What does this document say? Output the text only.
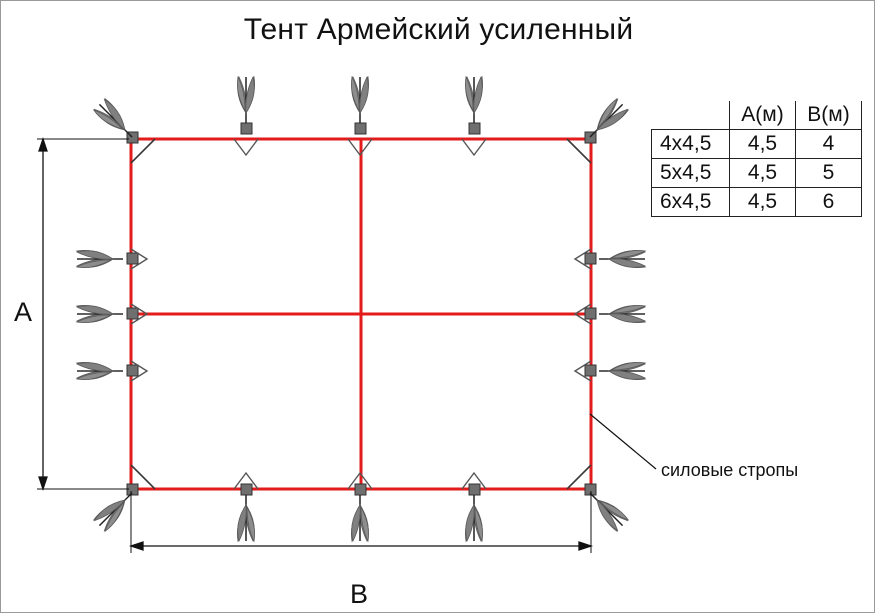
Тент Армейский усиленный
A
B
силовые стропы
	A(м)	B(м)
4х4,5	4,5	4
5х4,5	4,5	5
6х4,5	4,5	6
